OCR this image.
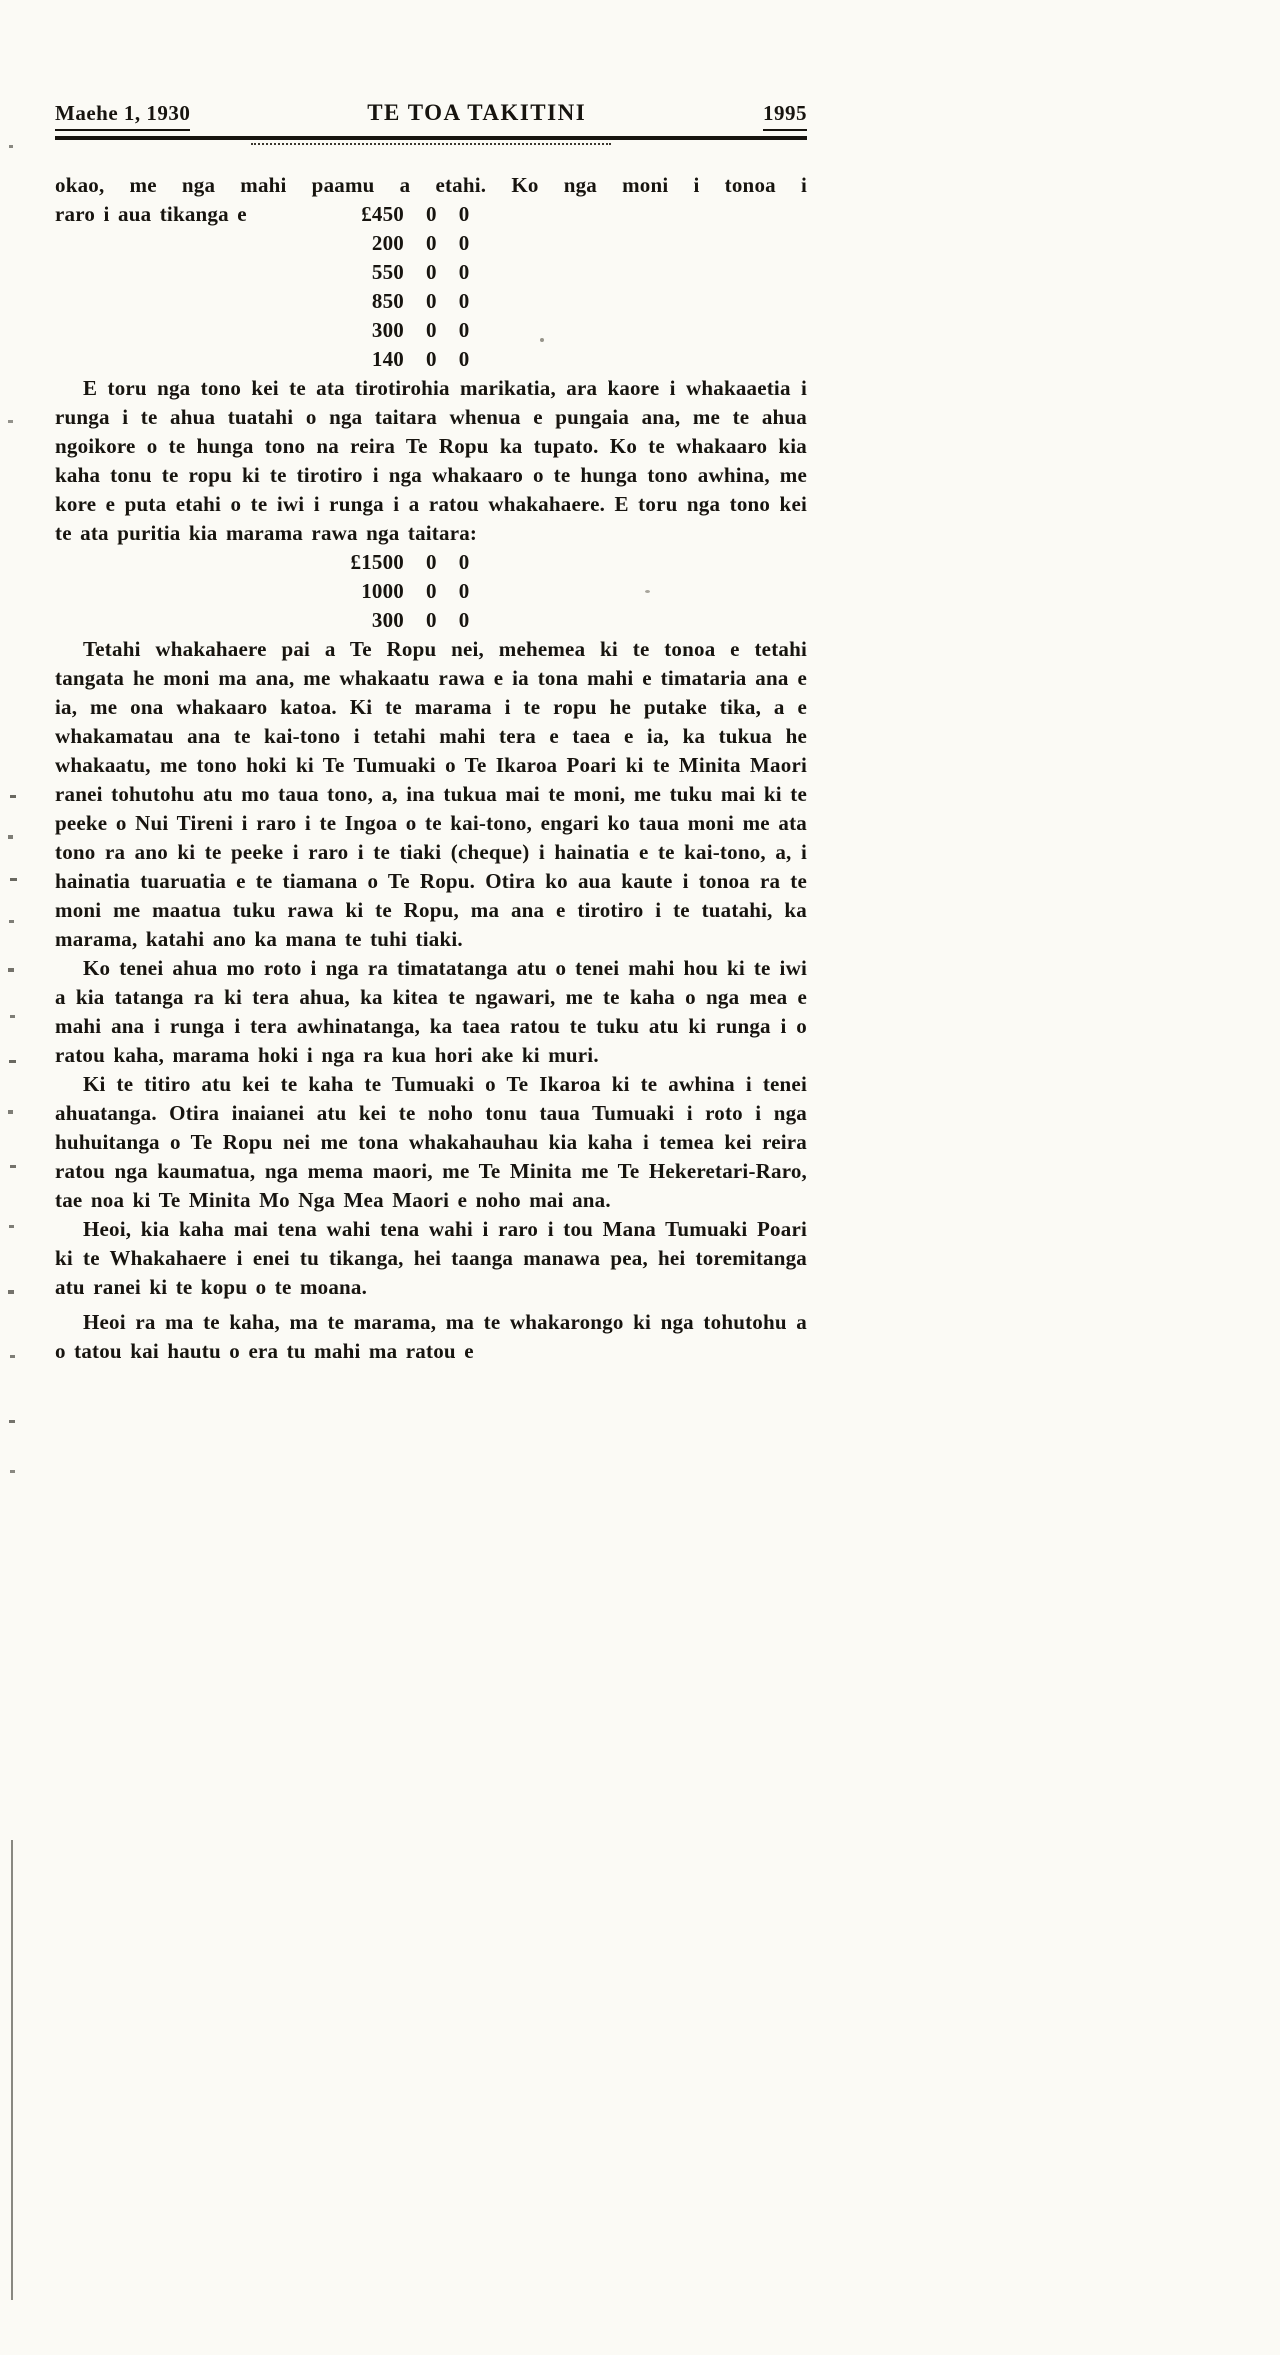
Maehe 1, 1930	TE TOA TAKITINI	1995
okao, me nga mahi paamu a etahi. Ko nga moni i tonoa i
raro i aua tikanga e	£450	0	0
	200	0	0
	550	0	0
	850	0	0
	300	0	0
	140	0	0

E toru nga tono kei te ata tirotirohia marikatia, ara kaore i whakaaetia i runga i te ahua tuatahi o nga taitara whenua e pungaia ana, me te ahua ngoikore o te hunga tono na reira Te Ropu ka tupato. Ko te whakaaro kia kaha tonu te ropu ki te tirotiro i nga whakaaro o te hunga tono awhina, me kore e puta etahi o te iwi i runga i a ratou whakahaere. E toru nga tono kei te ata puritia kia marama rawa nga taitara:

£1500	0	0
1000	0	0
300	0	0

Tetahi whakahaere pai a Te Ropu nei, mehemea ki te tonoa e tetahi tangata he moni ma ana, me whakaatu rawa e ia tona mahi e timataria ana e ia, me ona whakaaro katoa. Ki te marama i te ropu he putake tika, a e whakamatau ana te kai-tono i tetahi mahi tera e taea e ia, ka tukua he whakaatu, me tono hoki ki Te Tumuaki o Te Ikaroa Poari ki te Minita Maori ranei tohutohu atu mo taua tono, a, ina tukua mai te moni, me tuku mai ki te peeke o Nui Tireni i raro i te Ingoa o te kai-tono, engari ko taua moni me ata tono ra ano ki te peeke i raro i te tiaki (cheque) i hainatia e te kai-tono, a, i hainatia tuaruatia e te tiamana o Te Ropu. Otira ko aua kaute i tonoa ra te moni me maatua tuku rawa ki te Ropu, ma ana e tirotiro i te tuatahi, ka marama, katahi ano ka mana te tuhi tiaki.

Ko tenei ahua mo roto i nga ra timatatanga atu o tenei mahi hou ki te iwi a kia tatanga ra ki tera ahua, ka kitea te ngawari, me te kaha o nga mea e mahi ana i runga i tera awhinatanga, ka taea ratou te tuku atu ki runga i o ratou kaha, marama hoki i nga ra kua hori ake ki muri.

Ki te titiro atu kei te kaha te Tumuaki o Te Ikaroa ki te awhina i tenei ahuatanga. Otira inaianei atu kei te noho tonu taua Tumuaki i roto i nga huhuitanga o Te Ropu nei me tona whakahauhau kia kaha i temea kei reira ratou nga kaumatua, nga mema maori, me Te Minita me Te Hekeretari-Raro, tae noa ki Te Minita Mo Nga Mea Maori e noho mai ana.

Heoi, kia kaha mai tena wahi tena wahi i raro i tou Mana Tumuaki Poari ki te Whakahaere i enei tu tikanga, hei taanga manawa pea, hei toremitanga atu ranei ki te kopu o te moana.

Heoi ra ma te kaha, ma te marama, ma te whakarongo ki nga tohutohu a o tatou kai hautu o era tu mahi ma ratou e
